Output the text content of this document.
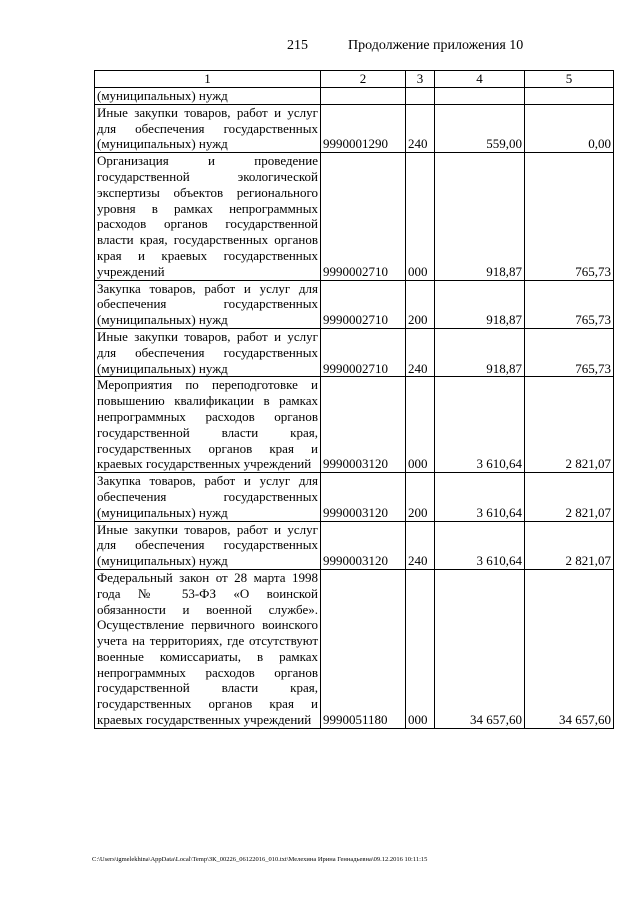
215	Продолжение приложения 10
1	2	3	4	5
(муниципальных) нужд				
Иные закупки товаров, работ и услуг для обеспечения государственных (муниципальных) нужд	9990001290	240	559,00	0,00
Организация и проведение государственной экологической экспертизы объектов регионального уровня в рамках непрограммных расходов органов государственной власти края, государственных органов края и краевых государственных учреждений	9990002710	000	918,87	765,73
Закупка товаров, работ и услуг для обеспечения государственных (муниципальных) нужд	9990002710	200	918,87	765,73
Иные закупки товаров, работ и услуг для обеспечения государственных (муниципальных) нужд	9990002710	240	918,87	765,73
Мероприятия по переподготовке и повышению квалификации в рамках непрограммных расходов органов государственной власти края, государственных органов края и краевых государственных учреждений	9990003120	000	3 610,64	2 821,07
Закупка товаров, работ и услуг для обеспечения государственных (муниципальных) нужд	9990003120	200	3 610,64	2 821,07
Иные закупки товаров, работ и услуг для обеспечения государственных (муниципальных) нужд	9990003120	240	3 610,64	2 821,07
Федеральный закон от 28 марта 1998 года № 53-ФЗ «О воинской обязанности и военной службе». Осуществление первичного воинского учета на территориях, где отсутствуют военные комиссариаты, в рамках непрограммных расходов органов государственной власти края, государственных органов края и краевых государственных учреждений	9990051180	000	34 657,60	34 657,60
C:\Users\igmelekhina\AppData\Local\Temp\ЗК_00226_06122016_010.txt\Мелехина Ирина Геннадьевна\09.12.2016 10:11:15
